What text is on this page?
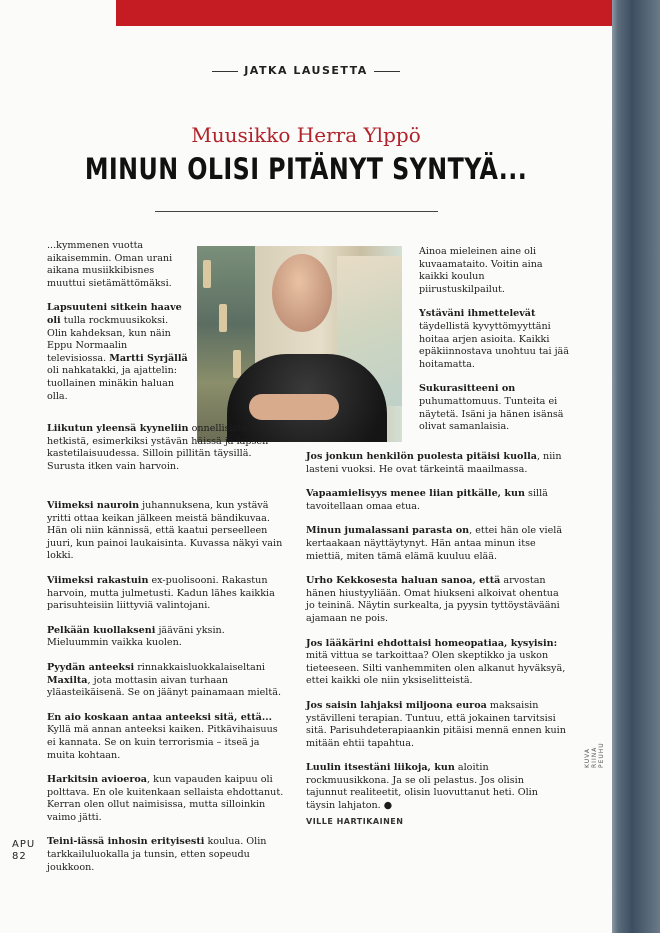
JATKA LAUSETTA
Muusikko Herra Ylppö
MINUN OLISI PITÄNYT SYNTYÄ...

...kymmenen vuotta aikaisemmin. Oman urani aikana musiikkibisnes muuttui sietämättömäksi.

Lapsuuteni sitkein haave oli tulla rockmuusikoksi. Olin kahdeksan, kun näin Eppu Normaalin televisiossa. Martti Syrjällä oli nahkatakki, ja ajattelin: tuollainen minäkin haluan olla.

Liikutun yleensä kyyneliin onnellisista hetkistä, esimerkiksi ystävän häissä ja lapsen kastetilaisuudessa. Silloin pillitän täysillä. Surusta itken vain harvoin.

Viimeksi nauroin juhannuksena, kun ystävä yritti ottaa keikan jälkeen meistä bändikuvaa. Hän oli niin kännissä, että kaatui perseelleen juuri, kun painoi laukaisinta. Kuvassa näkyi vain lokki.

Viimeksi rakastuin ex-puolisooni. Rakastun harvoin, mutta julmetusti. Kadun lähes kaikkia parisuhteisiin liittyviä valintojani.

Pelkään kuollakseni jääväni yksin. Mieluummin vaikka kuolen.

Pyydän anteeksi rinnakkaisluokkalaiseltani Maxilta, jota mottasin aivan turhaan yläasteikäisenä. Se on jäänyt painamaan mieltä.

En aio koskaan antaa anteeksi sitä, että... Kyllä mä annan anteeksi kaiken. Pitkävihaisuus ei kannata. Se on kuin terrorismia – itseä ja muita kohtaan.

Harkitsin avioeroa, kun vapauden kaipuu oli polttava. En ole kuitenkaan sellaista ehdottanut. Kerran olen ollut naimisissa, mutta silloinkin vaimo jätti.

Teini-iässä inhosin erityisesti koulua. Olin tarkkailuluokalla ja tunsin, etten sopeudu joukkoon.

Ainoa mieleinen aine oli kuvaamataito. Voitin aina kaikki koulun piirustuskilpailut.

Ystäväni ihmettelevät täydellistä kyvyttömyyttäni hoitaa arjen asioita. Kaikki epäkiinnostava unohtuu tai jää hoitamatta.

Sukurasitteeni on puhumattomuus. Tunteita ei näytetä. Isäni ja hänen isänsä olivat samanlaisia.

Jos jonkun henkilön puolesta pitäisi kuolla, niin lasteni vuoksi. He ovat tärkeintä maailmassa.

Vapaamielisyys menee liian pitkälle, kun sillä tavoitellaan omaa etua.

Minun jumalassani parasta on, ettei hän ole vielä kertaakaan näyttäytynyt. Hän antaa minun itse miettiä, miten tämä elämä kuuluu elää.

Urho Kekkosesta haluan sanoa, että arvostan hänen hiustyyliään. Omat hiukseni alkoivat ohentua jo teininä. Näytin surkealta, ja pyysin tyttöystävääni ajamaan ne pois.

Jos lääkärini ehdottaisi homeopatiaa, kysyisin: mitä vittua se tarkoittaa? Olen skeptikko ja uskon tieteeseen. Silti vanhemmiten olen alkanut hyväksyä, ettei kaikki ole niin yksiselitteistä.

Jos saisin lahjaksi miljoona euroa maksaisin ystävilleni terapian. Tuntuu, että jokainen tarvitsisi sitä. Parisuhdeterapiaankin pitäisi mennä ennen kuin mitään ehtii tapahtua.

Luulin itsestäni liikoja, kun aloitin rockmuusikkona. Ja se oli pelastus. Jos olisin tajunnut realiteetit, olisin luovuttanut heti. Olin täysin lahjaton. ●

VILLE HARTIKAINEN
KUVA RIINA PEUHU
APU
82
